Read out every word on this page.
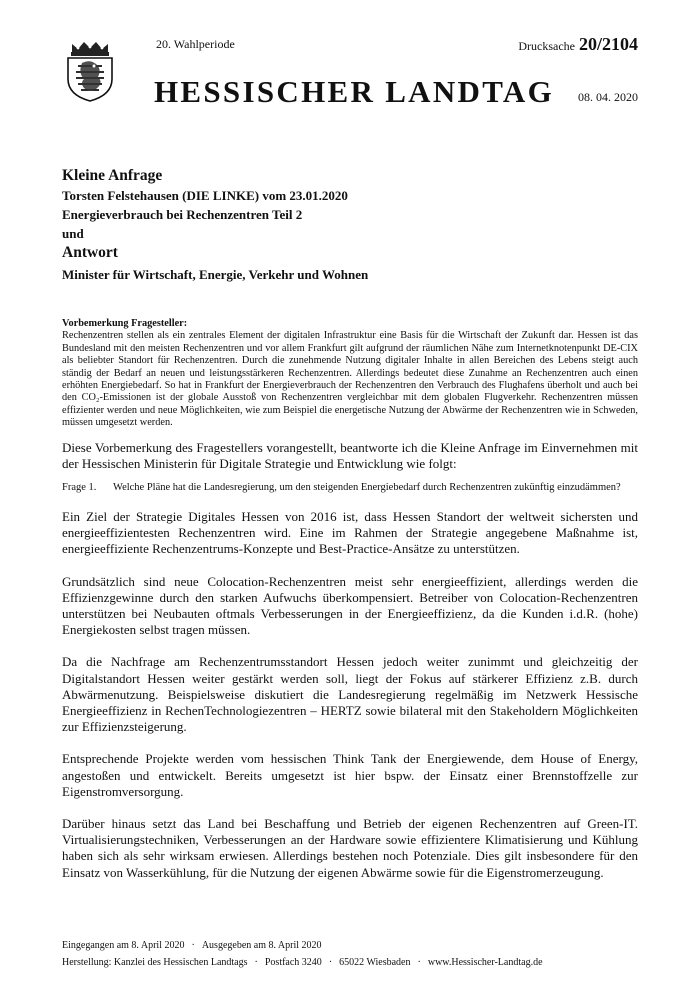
20. Wahlperiode	Drucksache 20/2104
HESSISCHER LANDTAG 08. 04. 2020
Kleine Anfrage
Torsten Felstehausen (DIE LINKE) vom 23.01.2020
Energieverbrauch bei Rechenzentren Teil 2
und
Antwort
Minister für Wirtschaft, Energie, Verkehr und Wohnen
Vorbemerkung Fragesteller:
Rechenzentren stellen als ein zentrales Element der digitalen Infrastruktur eine Basis für die Wirtschaft der Zukunft dar. Hessen ist das Bundesland mit den meisten Rechenzentren und vor allem Frankfurt gilt aufgrund der räumlichen Nähe zum Internetknotenpunkt DE-CIX als beliebter Standort für Rechenzentren. Durch die zunehmende Nutzung digitaler Inhalte in allen Bereichen des Lebens steigt auch ständig der Bedarf an neuen und leistungsstärkeren Rechenzentren. Allerdings bedeutet diese Zunahme an Rechenzentren auch einen erhöhten Energiebedarf. So hat in Frankfurt der Energieverbrauch der Rechenzentren den Verbrauch des Flughafens überholt und auch bei den CO₂-Emissionen ist der globale Ausstoß von Rechenzentren vergleichbar mit dem globalen Flugverkehr. Rechenzentren müssen effizienter werden und neue Möglichkeiten, wie zum Beispiel die energetische Nutzung der Abwärme der Rechenzentren wie in Schweden, müssen umgesetzt werden.

Diese Vorbemerkung des Fragestellers vorangestellt, beantworte ich die Kleine Anfrage im Einvernehmen mit der Hessischen Ministerin für Digitale Strategie und Entwicklung wie folgt:

Frage 1.	Welche Pläne hat die Landesregierung, um den steigenden Energiebedarf durch Rechenzentren zukünftig einzudämmen?

Ein Ziel der Strategie Digitales Hessen von 2016 ist, dass Hessen Standort der weltweit sichersten und energieeffizientesten Rechenzentren wird. Eine im Rahmen der Strategie angegebene Maßnahme ist, energieeffiziente Rechenzentrums-Konzepte und Best-Practice-Ansätze zu unterstützen.

Grundsätzlich sind neue Colocation-Rechenzentren meist sehr energieeffizient, allerdings werden die Effizienzgewinne durch den starken Aufwuchs überkompensiert. Betreiber von Colocation-Rechenzentren unterstützen bei Neubauten oftmals Verbesserungen in der Energieeffizienz, da die Kunden i.d.R. (hohe) Energiekosten selbst tragen müssen.

Da die Nachfrage am Rechenzentrumsstandort Hessen jedoch weiter zunimmt und gleichzeitig der Digitalstandort Hessen weiter gestärkt werden soll, liegt der Fokus auf stärkerer Effizienz z.B. durch Abwärmenutzung. Beispielsweise diskutiert die Landesregierung regelmäßig im Netzwerk Hessische Energieeffizienz in RechenTechnologiezentren – HERTZ sowie bilateral mit den Stakeholdern Möglichkeiten zur Effizienzsteigerung.

Entsprechende Projekte werden vom hessischen Think Tank der Energiewende, dem House of Energy, angestoßen und entwickelt. Bereits umgesetzt ist hier bspw. der Einsatz einer Brennstoffzelle zur Eigenstromversorgung.

Darüber hinaus setzt das Land bei Beschaffung und Betrieb der eigenen Rechenzentren auf Green-IT. Virtualisierungstechniken, Verbesserungen an der Hardware sowie effizientere Klimatisierung und Kühlung haben sich als sehr wirksam erwiesen. Allerdings bestehen noch Potenziale. Dies gilt insbesondere für den Einsatz von Wasserkühlung, für die Nutzung der eigenen Abwärme sowie für die Eigenstromerzeugung.

Eingegangen am 8. April 2020 · Ausgegeben am 8. April 2020
Herstellung: Kanzlei des Hessischen Landtags · Postfach 3240 · 65022 Wiesbaden · www.Hessischer-Landtag.de
